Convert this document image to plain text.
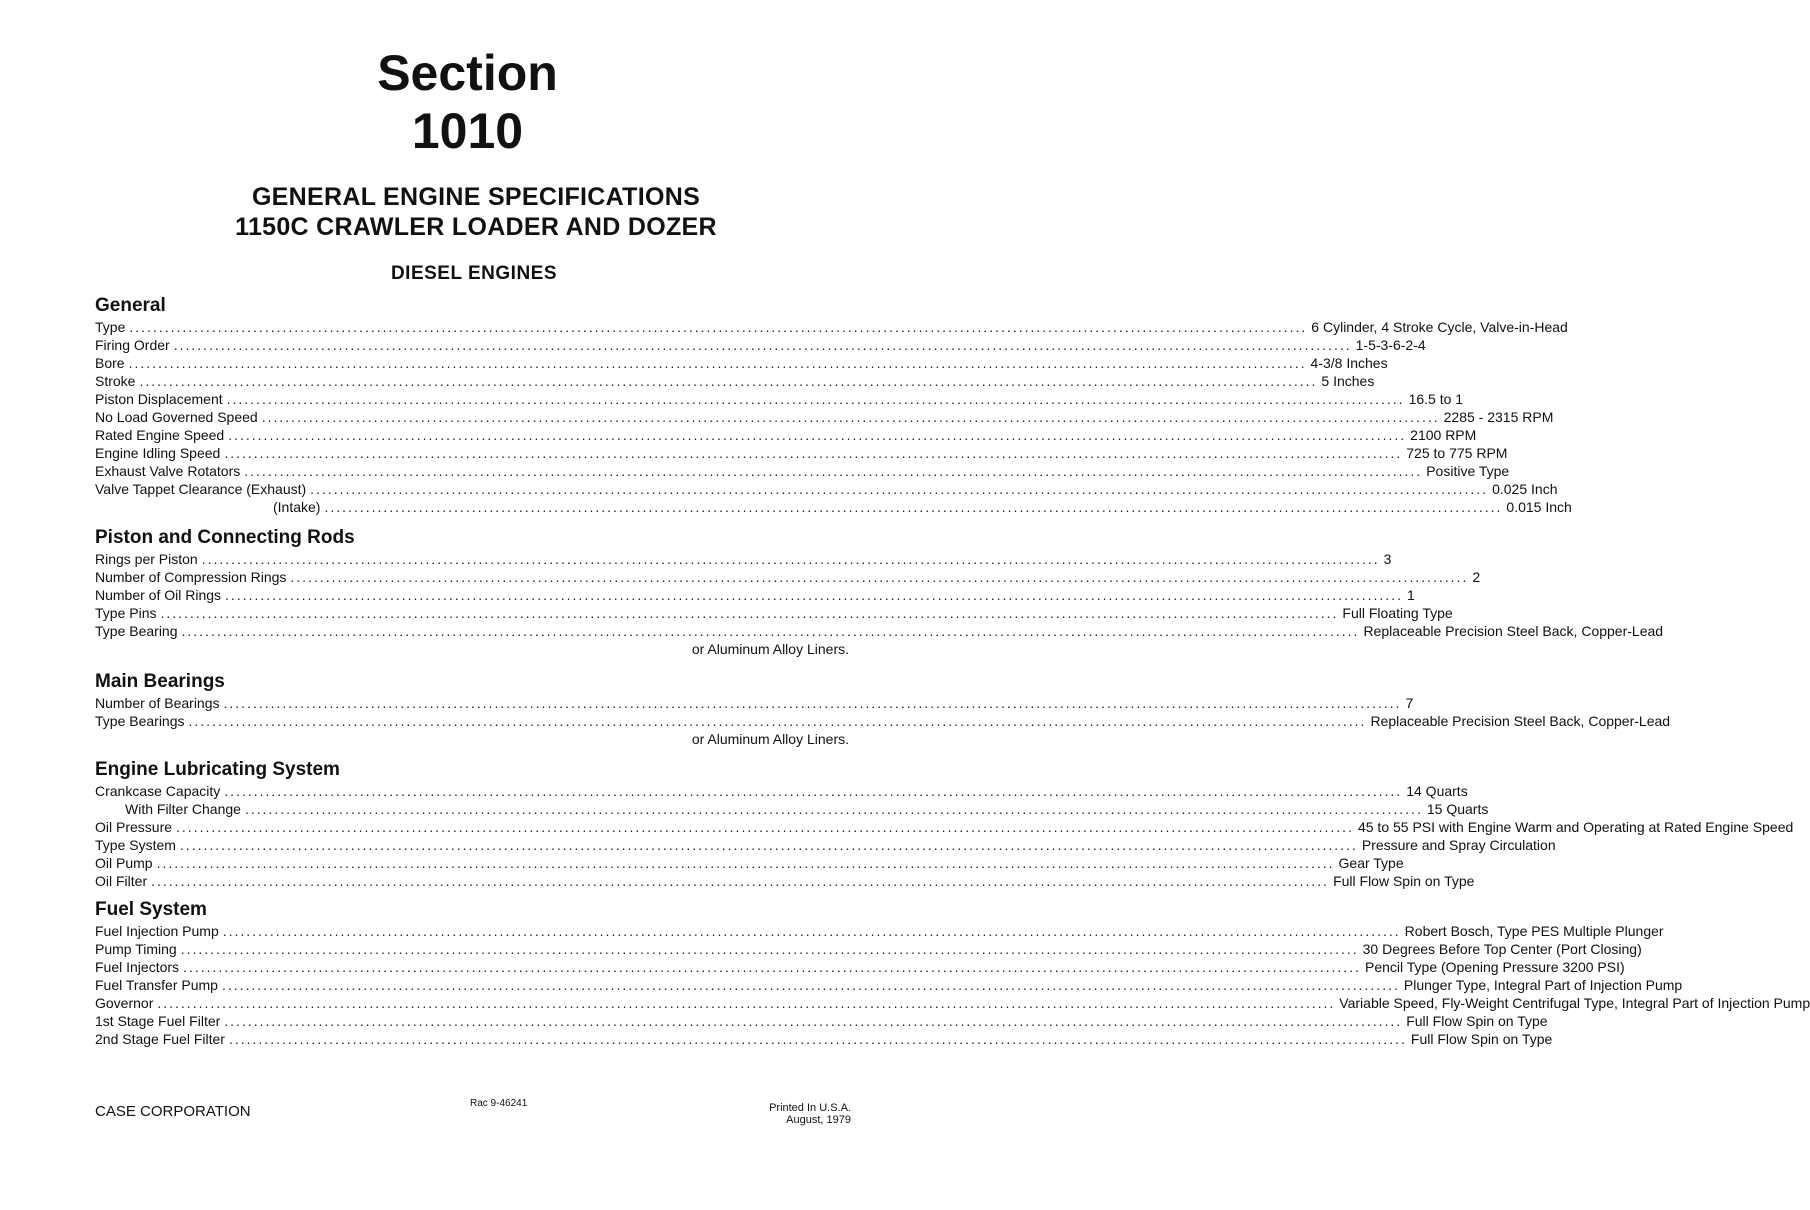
Section
1010
GENERAL ENGINE SPECIFICATIONS
1150C CRAWLER LOADER AND DOZER
DIESEL ENGINES
General
Type ........................................................................................................................................................................................................ 6 Cylinder, 4 Stroke Cycle, Valve-in-Head
Firing Order ........................................................................................................................................................................................................ 1-5-3-6-2-4
Bore ........................................................................................................................................................................................................ 4-3/8 Inches
Stroke ........................................................................................................................................................................................................ 5 Inches
Piston Displacement ........................................................................................................................................................................................................ 16.5 to 1
No Load Governed Speed ........................................................................................................................................................................................................ 2285 - 2315 RPM
Rated Engine Speed ........................................................................................................................................................................................................ 2100 RPM
Engine Idling Speed ........................................................................................................................................................................................................ 725 to 775 RPM
Exhaust Valve Rotators ........................................................................................................................................................................................................ Positive Type
Valve Tappet Clearance (Exhaust) ........................................................................................................................................................................................................ 0.025 Inch
(Intake) ........................................................................................................................................................................................................ 0.015 Inch
Piston and Connecting Rods
Rings per Piston ........................................................................................................................................................................................................ 3
Number of Compression Rings ........................................................................................................................................................................................................ 2
Number of Oil Rings ........................................................................................................................................................................................................ 1
Type Pins ........................................................................................................................................................................................................ Full Floating Type
Type Bearing ........................................................................................................................................................................................................ Replaceable Precision Steel Back, Copper-Lead
or Aluminum Alloy Liners.
Main Bearings
Number of Bearings ........................................................................................................................................................................................................ 7
Type Bearings ........................................................................................................................................................................................................ Replaceable Precision Steel Back, Copper-Lead
or Aluminum Alloy Liners.
Engine Lubricating System
Crankcase Capacity ........................................................................................................................................................................................................ 14 Quarts
With Filter Change ........................................................................................................................................................................................................ 15 Quarts
Oil Pressure ........................................................................................................................................................................................................ 45 to 55 PSI with Engine Warm and Operating at Rated Engine Speed
Type System ........................................................................................................................................................................................................ Pressure and Spray Circulation
Oil Pump ........................................................................................................................................................................................................ Gear Type
Oil Filter ........................................................................................................................................................................................................ Full Flow Spin on Type
Fuel System
Fuel Injection Pump ........................................................................................................................................................................................................ Robert Bosch, Type PES Multiple Plunger
Pump Timing ........................................................................................................................................................................................................ 30 Degrees Before Top Center (Port Closing)
Fuel Injectors ........................................................................................................................................................................................................ Pencil Type (Opening Pressure 3200 PSI)
Fuel Transfer Pump ........................................................................................................................................................................................................ Plunger Type, Integral Part of Injection Pump
Governor ........................................................................................................................................................................................................ Variable Speed, Fly-Weight Centrifugal Type, Integral Part of Injection Pump
1st Stage Fuel Filter ........................................................................................................................................................................................................ Full Flow Spin on Type
2nd Stage Fuel Filter ........................................................................................................................................................................................................ Full Flow Spin on Type
CASE CORPORATION	Rac 9-46241	Printed In U.S.A.
August, 1979
